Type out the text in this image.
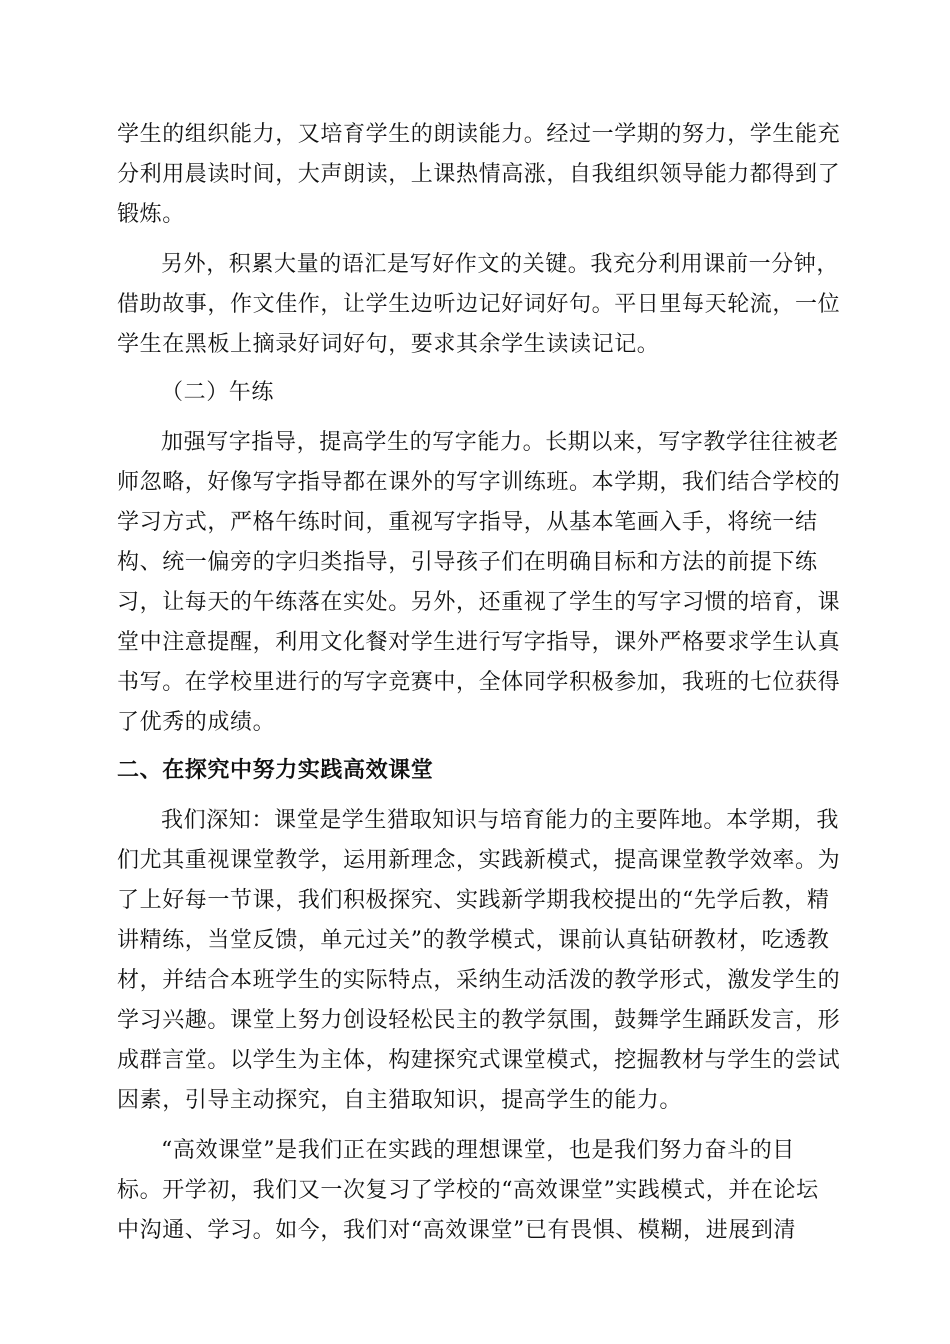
学生的组织能力，又培育学生的朗读能力。经过一学期的努力，学生能充
分利用晨读时间，大声朗读，上课热情高涨，自我组织领导能力都得到了
锻炼。
另外，积累大量的语汇是写好作文的关键。我充分利用课前一分钟，
借助故事，作文佳作，让学生边听边记好词好句。平日里每天轮流，一位
学生在黑板上摘录好词好句，要求其余学生读读记记。
（二）午练
加强写字指导，提高学生的写字能力。长期以来，写字教学往往被老
师忽略，好像写字指导都在课外的写字训练班。本学期，我们结合学校的
学习方式，严格午练时间，重视写字指导，从基本笔画入手，将统一结
构、统一偏旁的字归类指导，引导孩子们在明确目标和方法的前提下练
习，让每天的午练落在实处。另外，还重视了学生的写字习惯的培育，课
堂中注意提醒，利用文化餐对学生进行写字指导，课外严格要求学生认真
书写。在学校里进行的写字竞赛中，全体同学积极参加，我班的七位获得
了优秀的成绩。
二、在探究中努力实践高效课堂
我们深知：课堂是学生猎取知识与培育能力的主要阵地。本学期，我
们尤其重视课堂教学，运用新理念，实践新模式，提高课堂教学效率。为
了上好每一节课，我们积极探究、实践新学期我校提出的“先学后教，精
讲精练，当堂反馈，单元过关”的教学模式，课前认真钻研教材，吃透教
材，并结合本班学生的实际特点，采纳生动活泼的教学形式，激发学生的
学习兴趣。课堂上努力创设轻松民主的教学氛围，鼓舞学生踊跃发言，形
成群言堂。以学生为主体，构建探究式课堂模式，挖掘教材与学生的尝试
因素，引导主动探究，自主猎取知识，提高学生的能力。
“高效课堂”是我们正在实践的理想课堂，也是我们努力奋斗的目
标。开学初，我们又一次复习了学校的“高效课堂”实践模式，并在论坛
中沟通、学习。如今，我们对“高效课堂”已有畏惧、模糊，进展到清
